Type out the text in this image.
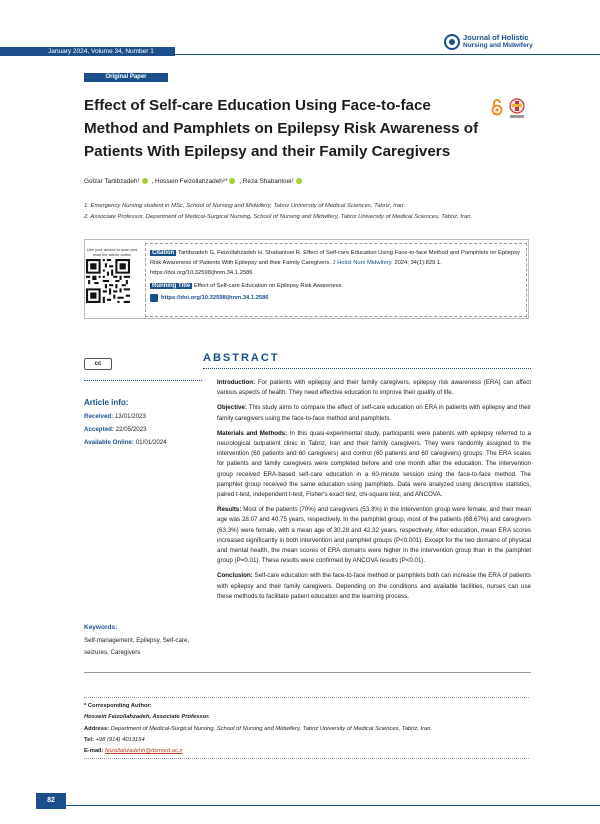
January 2024, Volume 34, Number 1
Journal of Holistic
Nursing and Midwifery
Original Paper
Effect of Self-care Education Using Face-to-face Method and Pamphlets on Epilepsy Risk Awareness of Patients With Epilepsy and their Family Caregivers
Golzar Tartibzadeh¹ , Hossein Feizollahzadeh²* , Reza Shabanloei²
1. Emergency Nursing student in MSc, School of Nursing and Midwifery, Tabriz University of Medical Sciences, Tabriz, Iran.
2. Associate Professor, Department of Medical-Surgical Nursing, School of Nursing and Midwifery, Tabriz University of Medical Sciences, Tabriz, Iran.
Use your device to scan and read the article online	Citation Tartibzadeh G, Feizollahzadeh H, Shabanloei R. Effect of Self-care Education Using Face-to-face Method and Pamphlets on Epilepsy Risk Awareness of Patients With Epilepsy and their Family Caregivers. J Holist Nurs Midwifery. 2024; 34(1):829 1. https://doi.org/10.32598/jhnm.34.1.2586
Running Title Effect of Self-care Education on Epilepsy Risk Awareness
https://doi.org/10.32598/jhnm.34.1.2586
cc
Article info:
Received: 13/01/2023
Accepted: 22/05/2023
Available Online: 01/01/2024
Keywords:
Self-management, Epilepsy, Self-care, seizures, Caregivers
ABSTRACT

Introduction: For patients with epilepsy and their family caregivers, epilepsy risk awareness (ERA) can affect various aspects of health. They need effective education to improve their quality of life.

Objective: This study aims to compare the effect of self-care education on ERA in patients with epilepsy and their family caregivers using the face-to-face method and pamphlets.

Materials and Methods: In this quasi-experimental study, participants were patients with epilepsy referred to a neurological outpatient clinic in Tabriz, Iran and their family caregivers. They were randomly assigned to the intervention (60 patients and 60 caregivers) and control (60 patients and 60 caregivers) groups. The ERA scales for patients and family caregivers were completed before and one month after the education. The intervention group received ERA-based self-care education in a 60-minute session using the face-to-face method. The pamphlet group received the same education using pamphlets. Data were analyzed using descriptive statistics, paired t-test, independent t-test, Fisher's exact test, chi-square test, and ANCOVA.

Results: Most of the patients (70%) and caregivers (53.3%) in the intervention group were female, and their mean age was 28.07 and 40.75 years, respectively. In the pamphlet group, most of the patients (68.67%) and caregivers (63.3%) were female, with a mean age of 30.28 and 42.32 years, respectively. After education, mean ERA scores increased significantly in both intervention and pamphlet groups (P<0.001). Except for the two domains of physical and mental health, the mean scores of ERA domains were higher in the intervention group than in the pamphlet group (P=0.01). These results were confirmed by ANCOVA results (P<0.01).

Conclusion: Self-care education with the face-to-face method or pamphlets both can increase the ERA of patients with epilepsy and their family caregivers. Depending on the conditions and available facilities, nurses can use these methods to facilitate patient education and the learning process.

* Corresponding Author:
Hossein Feizollahzadeh, Associate Professor.
Address: Department of Medical-Surgical Nursing, School of Nursing and Midwifery, Tabriz University of Medical Sciences, Tabriz, Iran.
Tel: +98 (914) 4013154
E-mail: feizollahzadehh@tbzmed.ac.ir
82
